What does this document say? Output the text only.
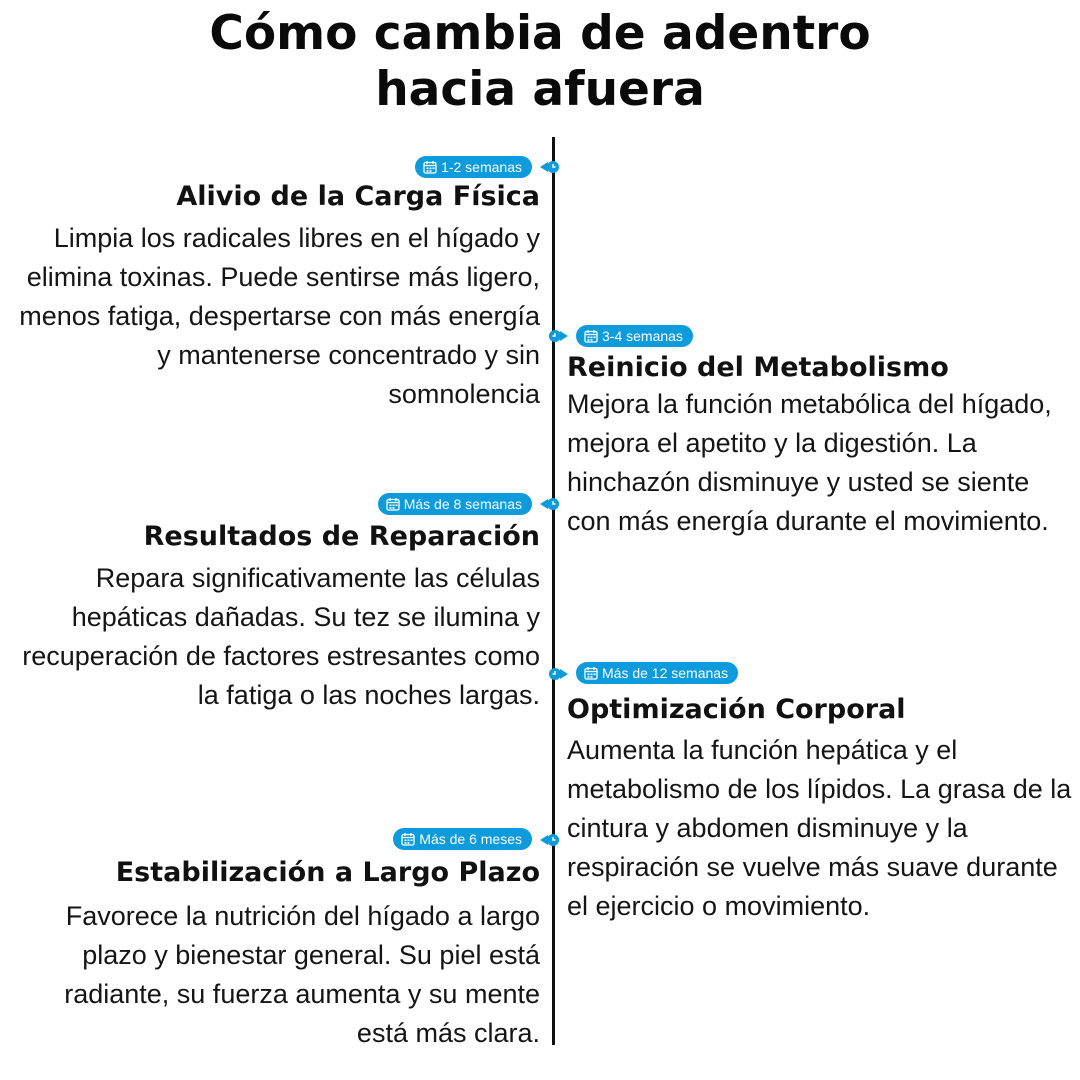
Cómo cambia de adentro
hacia afuera
1-2 semanas
Alivio de la Carga Física

Limpia los radicales libres en el hígado y elimina toxinas. Puede sentirse más ligero, menos fatiga, despertarse con más energía y mantenerse concentrado y sin somnolencia

3-4 semanas
Reinicio del Metabolismo

Mejora la función metabólica del hígado, mejora el apetito y la digestión. La hinchazón disminuye y usted se siente con más energía durante el movimiento.

Más de 8 semanas
Resultados de Reparación

Repara significativamente las células hepáticas dañadas. Su tez se ilumina y recuperación de factores estresantes como la fatiga o las noches largas.

Más de 12 semanas
Optimización Corporal

Aumenta la función hepática y el metabolismo de los lípidos. La grasa de la cintura y abdomen disminuye y la respiración se vuelve más suave durante el ejercicio o movimiento.

Más de 6 meses
Estabilización a Largo Plazo

Favorece la nutrición del hígado a largo plazo y bienestar general. Su piel está radiante, su fuerza aumenta y su mente está más clara.
